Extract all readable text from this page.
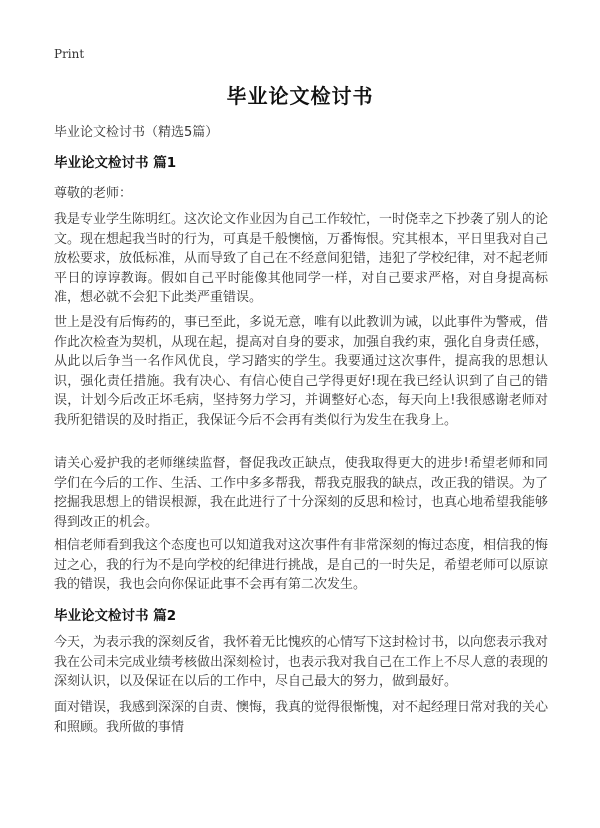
Print
毕业论文检讨书
毕业论文检讨书（精选5篇）
毕业论文检讨书 篇1
尊敬的老师：

我是专业学生陈明红。这次论文作业因为自己工作较忙，一时侥幸之下抄袭了别人的论文。现在想起我当时的行为，可真是千般懊恼，万番悔恨。究其根本，平日里我对自己放松要求，放低标准，从而导致了自己在不经意间犯错，违犯了学校纪律，对不起老师平日的谆谆教诲。假如自己平时能像其他同学一样，对自己要求严格，对自身提高标准，想必就不会犯下此类严重错误。

世上是没有后悔药的，事已至此，多说无意，唯有以此教训为诫，以此事件为警戒，借作此次检查为契机，从现在起，提高对自身的要求，加强自我约束，强化自身责任感，从此以后争当一名作风优良，学习踏实的学生。我要通过这次事件，提高我的思想认识，强化责任措施。我有决心、有信心使自己学得更好!现在我已经认识到了自己的错误，计划今后改正坏毛病，坚持努力学习，并调整好心态，每天向上!我很感谢老师对我所犯错误的及时指正，我保证今后不会再有类似行为发生在我身上。

请关心爱护我的老师继续监督，督促我改正缺点，使我取得更大的进步!希望老师和同学们在今后的工作、生活、工作中多多帮我，帮我克服我的缺点，改正我的错误。为了挖掘我思想上的错误根源，我在此进行了十分深刻的反思和检讨，也真心地希望我能够得到改正的机会。

相信老师看到我这个态度也可以知道我对这次事件有非常深刻的悔过态度，相信我的悔过之心，我的行为不是向学校的纪律进行挑战，是自己的一时失足，希望老师可以原谅我的错误，我也会向你保证此事不会再有第二次发生。

毕业论文检讨书 篇2

今天，为表示我的深刻反省，我怀着无比愧疚的心情写下这封检讨书，以向您表示我对我在公司未完成业绩考核做出深刻检讨，也表示我对我自己在工作上不尽人意的表现的深刻认识，以及保证在以后的工作中，尽自己最大的努力，做到最好。

面对错误，我感到深深的自责、懊悔，我真的觉得很惭愧，对不起经理日常对我的关心和照顾。我所做的事情
